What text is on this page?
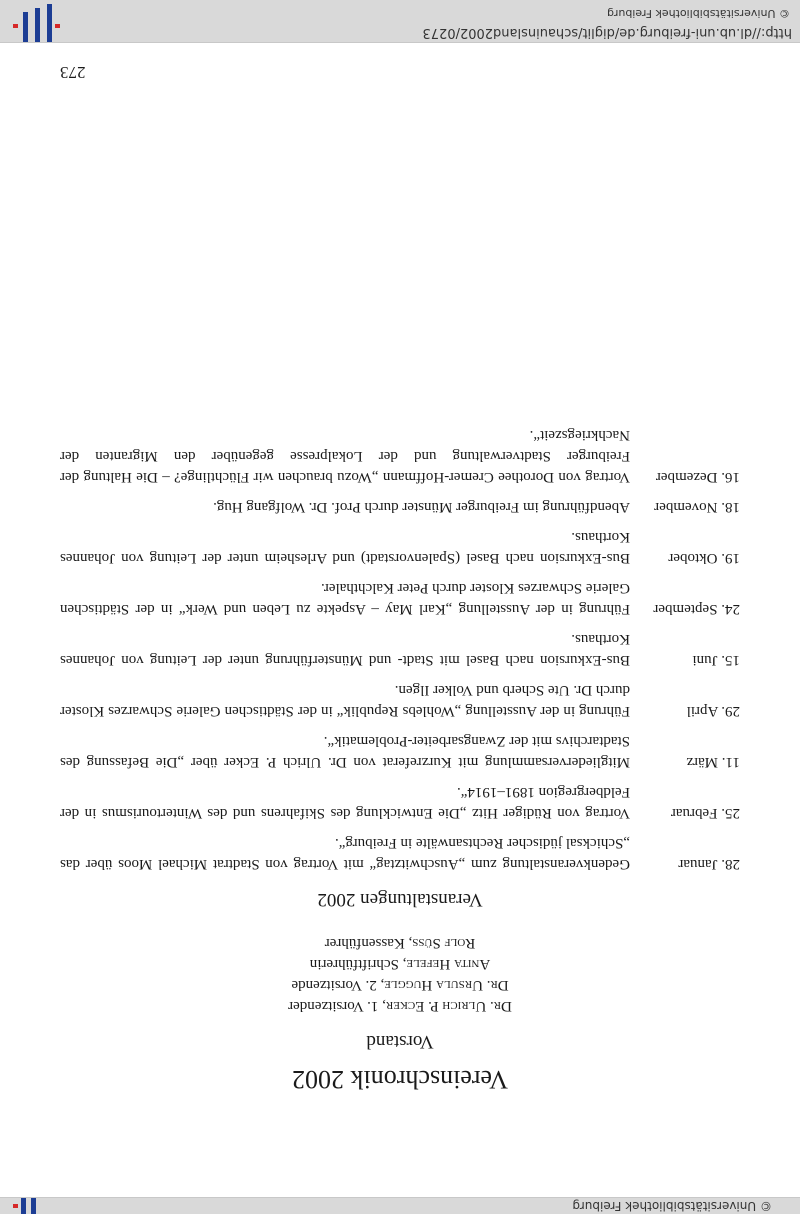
© Universitätsbibliothek Freiburg
Vereinschronik 2002
Vorstand
Dr. Ulrich P. Ecker, 1. Vorsitzender
Dr. Ursula Huggle, 2. Vorsitzende
Anita Hefele, Schriftführerin
Rolf Süss, Kassenführer
Veranstaltungen 2002
28. Januar	Gedenkveranstaltung zum „Auschwitztag“ mit Vortrag von Stadtrat Michael Moos über das „Schicksal jüdischer Rechtsanwälte in Freiburg“.
25. Februar	Vortrag von Rüdiger Hitz „Die Entwicklung des Skifahrens und des Wintertourismus in der Feldbergregion 1891–1914“.
11. März	Mitgliederversammlung mit Kurzreferat von Dr. Ulrich P. Ecker über „Die Befassung des Stadtarchivs mit der Zwangsarbeiter-Problematik“.
29. April	Führung in der Ausstellung „Wohlebs Republik“ in der Städtischen Galerie Schwarzes Kloster durch Dr. Ute Scherb und Volker Ilgen.
15. Juni	Bus-Exkursion nach Basel mit Stadt- und Münsterführung unter der Leitung von Johannes Korthaus.
24. September	Führung in der Ausstellung „Karl May – Aspekte zu Leben und Werk“ in der Städtischen Galerie Schwarzes Kloster durch Peter Kalchthaler.
19. Oktober	Bus-Exkursion nach Basel (Spalenvorstadt) und Arlesheim unter der Leitung von Johannes Korthaus.
18. November	Abendführung im Freiburger Münster durch Prof. Dr. Wolfgang Hug.
16. Dezember	Vortrag von Dorothee Cremer-Hoffmann „Wozu brauchen wir Flüchtlinge? – Die Haltung der Freiburger Stadtverwaltung und der Lokalpresse gegenüber den Migranten der Nachkriegszeit“.
273
http://dl.ub.uni-freiburg.de/diglit/schauinsland2002/0273
© Universitätsbibliothek Freiburg
